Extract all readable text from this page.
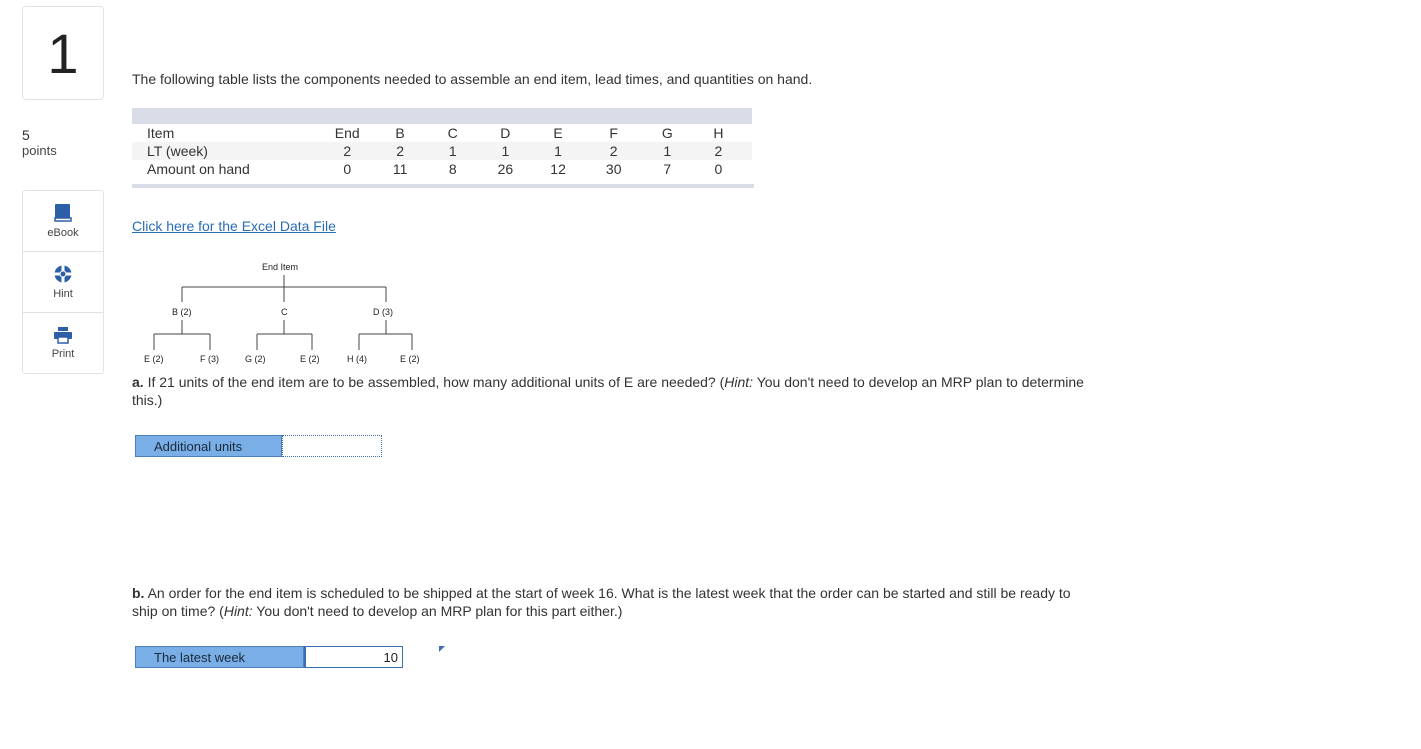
1
5
points
eBook
Hint
Print
The following table lists the components needed to assemble an end item, lead times, and quantities on hand.
Item	End	B	C	D	E	F	G	H
LT (week)	2	2	1	1	1	2	1	2
Amount on hand	0	11	8	26	12	30	7	0
Click here for the Excel Data File
End Item
B (2)	C	D (3)
E (2)	F (3)	G (2)	E (2)	H (4)	E (2)
a. If 21 units of the end item are to be assembled, how many additional units of E are needed? (Hint: You don't need to develop an MRP plan to determine this.)
Additional units
b. An order for the end item is scheduled to be shipped at the start of week 16. What is the latest week that the order can be started and still be ready to ship on time? (Hint: You don't need to develop an MRP plan for this part either.)
The latest week
10
